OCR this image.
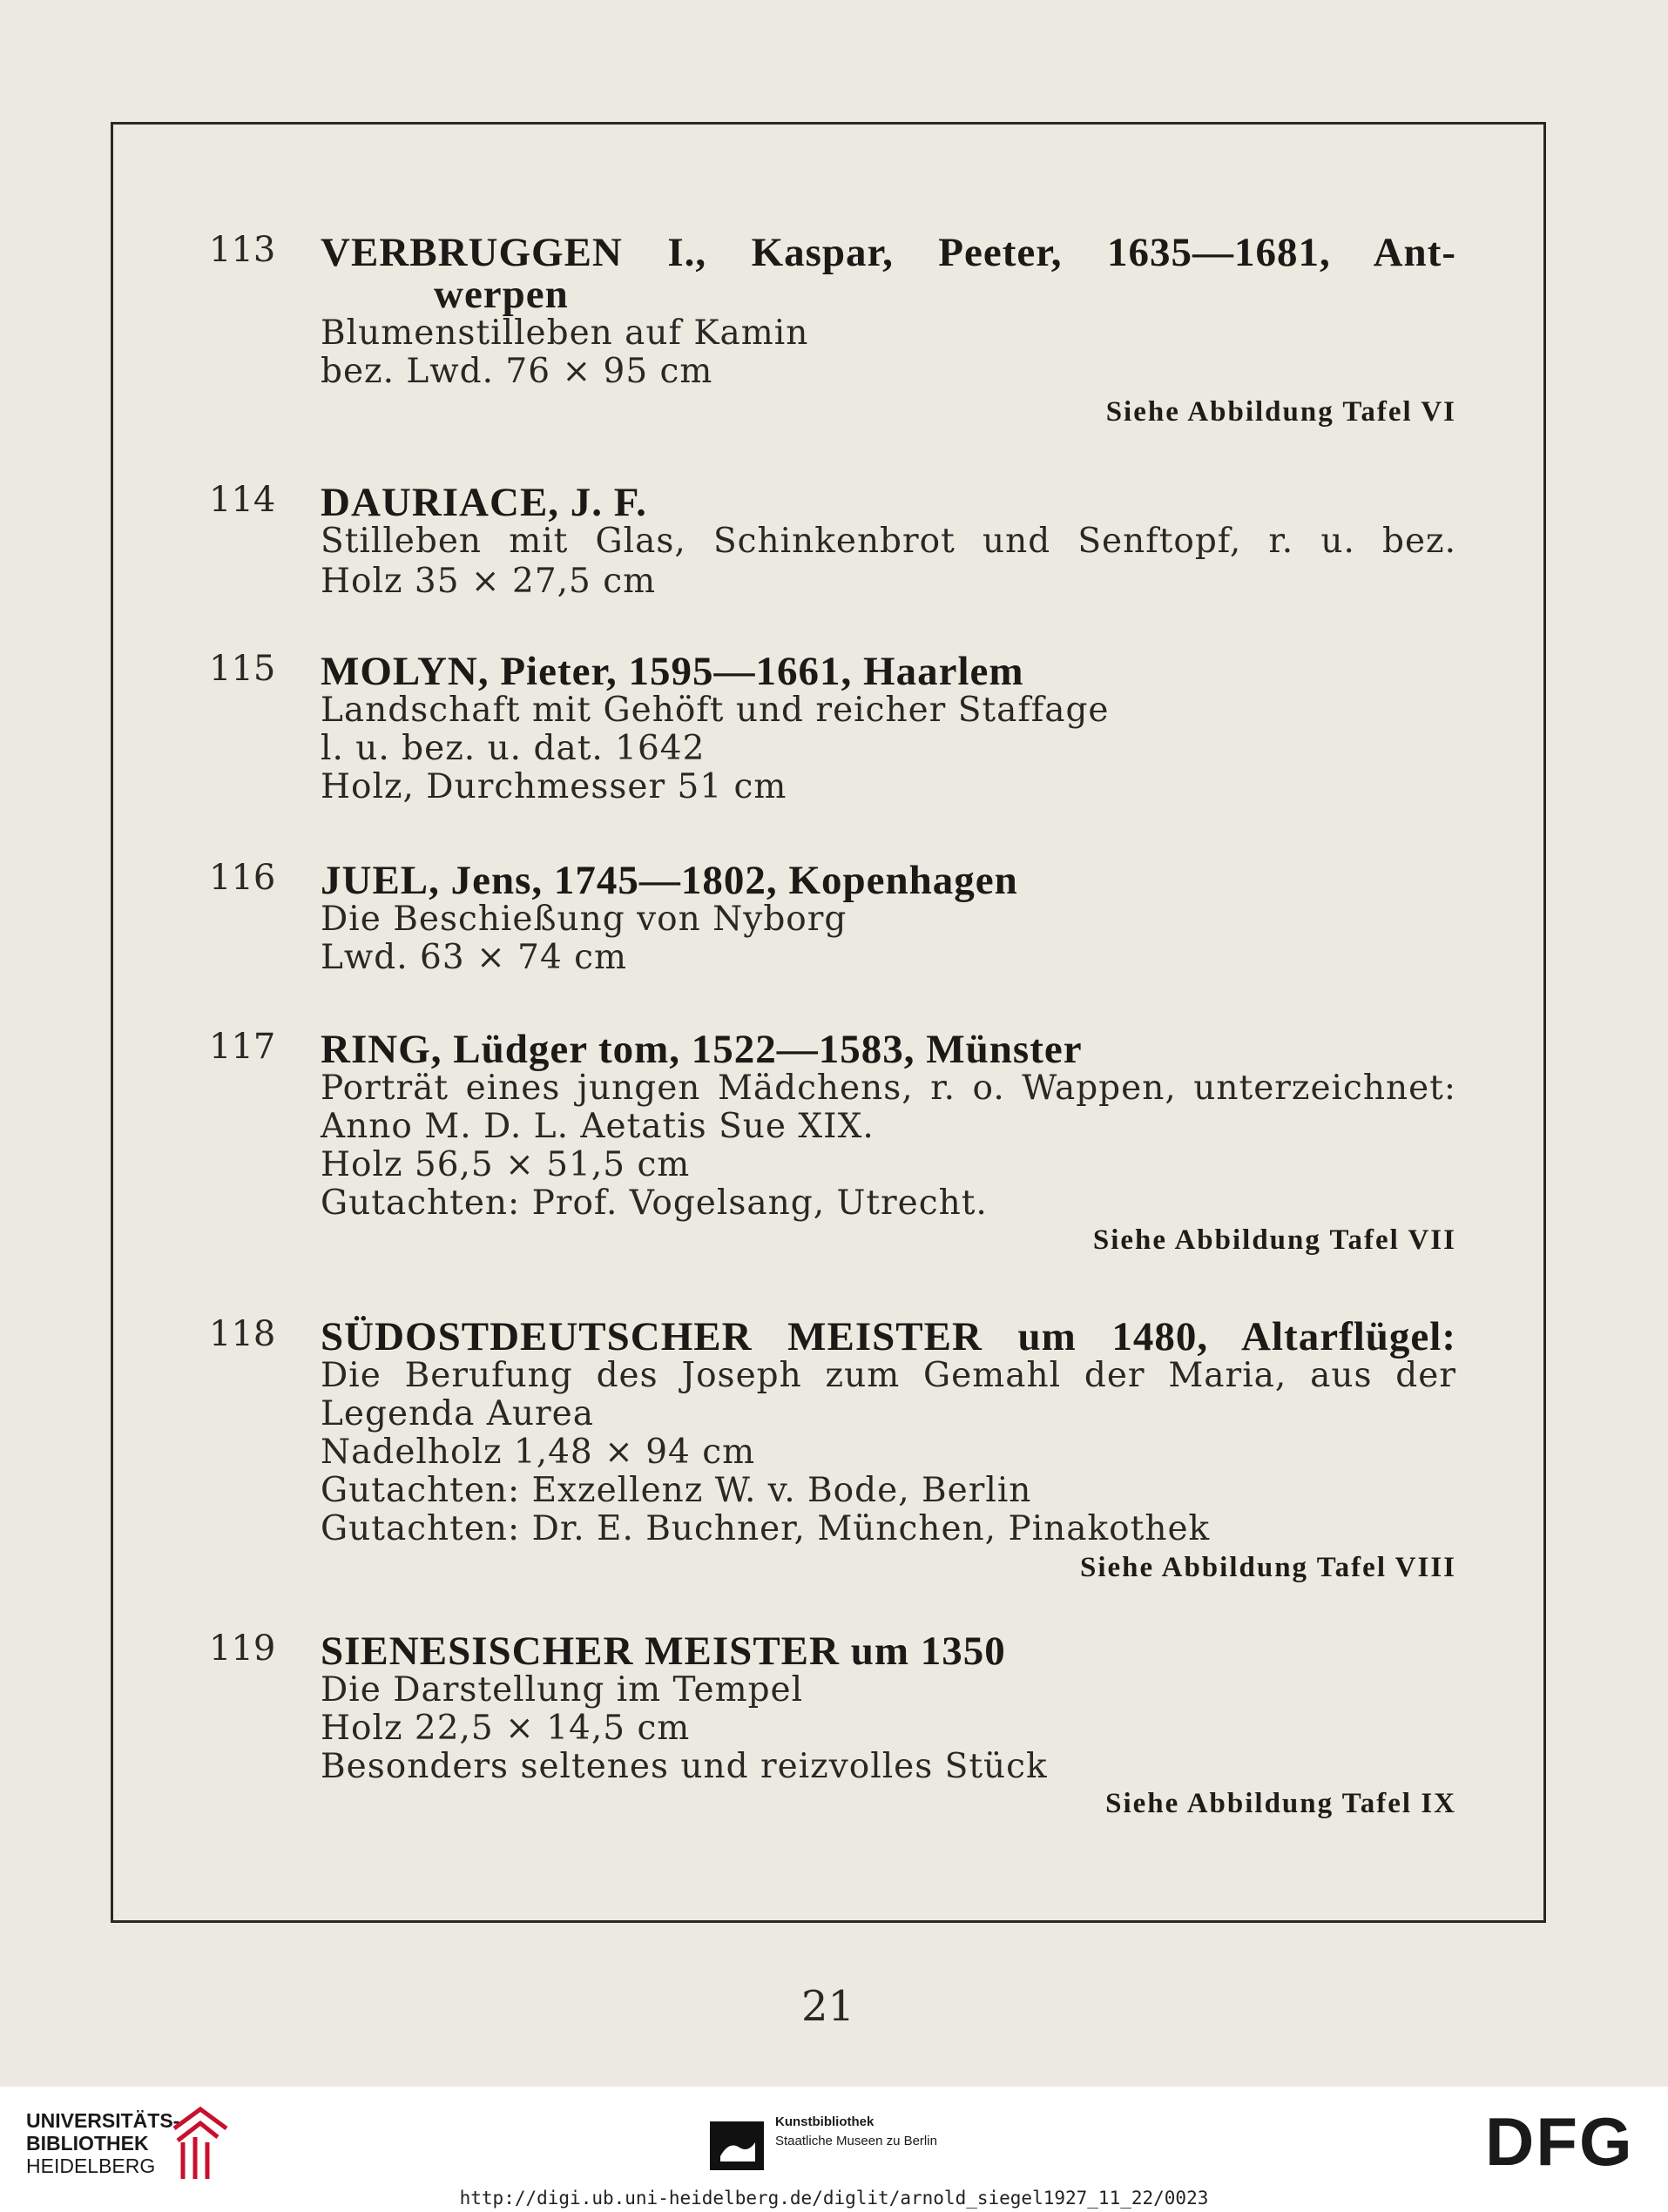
113 VERBRUGGEN I., Kaspar, Peeter, 1635—1681, Ant-
werpen
Blumenstilleben auf Kamin
bez. Lwd. 76 × 95 cm
Siehe Abbildung Tafel VI
114 DAURIACE, J. F.
Stilleben mit Glas, Schinkenbrot und Senftopf, r. u. bez.
Holz 35 × 27,5 cm
115 MOLYN, Pieter, 1595—1661, Haarlem
Landschaft mit Gehöft und reicher Staffage
l. u. bez. u. dat. 1642
Holz, Durchmesser 51 cm
116 JUEL, Jens, 1745—1802, Kopenhagen
Die Beschießung von Nyborg
Lwd. 63 × 74 cm
117 RING, Lüdger tom, 1522—1583, Münster
Porträt eines jungen Mädchens, r. o. Wappen, unterzeichnet:
Anno M. D. L. Aetatis Sue XIX.
Holz 56,5 × 51,5 cm
Gutachten: Prof. Vogelsang, Utrecht.
Siehe Abbildung Tafel VII
118 SÜDOSTDEUTSCHER MEISTER um 1480, Altarflügel:
Die Berufung des Joseph zum Gemahl der Maria, aus der
Legenda Aurea
Nadelholz 1,48 × 94 cm
Gutachten: Exzellenz W. v. Bode, Berlin
Gutachten: Dr. E. Buchner, München, Pinakothek
Siehe Abbildung Tafel VIII
119 SIENESISCHER MEISTER um 1350
Die Darstellung im Tempel
Holz 22,5 × 14,5 cm
Besonders seltenes und reizvolles Stück
Siehe Abbildung Tafel IX
21
UNIVERSITÄTS-
BIBLIOTHEK
HEIDELBERG
Kunstbibliothek
Staatliche Museen zu Berlin	DFG
http://digi.ub.uni-heidelberg.de/diglit/arnold_siegel1927_11_22/0023
